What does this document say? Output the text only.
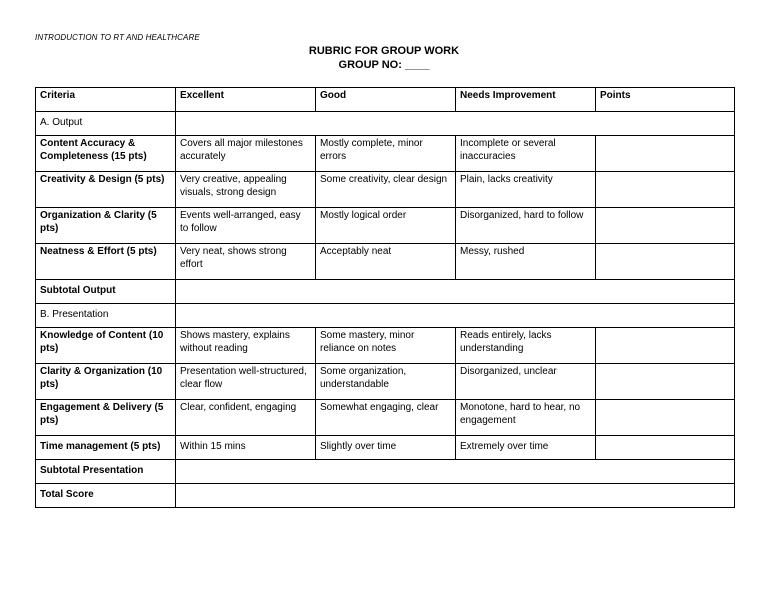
INTRODUCTION TO RT AND HEALTHCARE
RUBRIC FOR GROUP WORK
GROUP NO: ____
Criteria	Excellent	Good	Needs Improvement	Points
A. Output				
Content Accuracy & Completeness (15 pts)	Covers all major milestones accurately	Mostly complete, minor errors	Incomplete or several inaccuracies	
Creativity & Design (5 pts)	Very creative, appealing visuals, strong design	Some creativity, clear design	Plain, lacks creativity	
Organization & Clarity (5 pts)	Events well-arranged, easy to follow	Mostly logical order	Disorganized, hard to follow	
Neatness & Effort (5 pts)	Very neat, shows strong effort	Acceptably neat	Messy, rushed	
Subtotal Output				
B. Presentation				
Knowledge of Content (10 pts)	Shows mastery, explains without reading	Some mastery, minor reliance on notes	Reads entirely, lacks understanding	
Clarity & Organization (10 pts)	Presentation well-structured, clear flow	Some organization, understandable	Disorganized, unclear	
Engagement & Delivery (5 pts)	Clear, confident, engaging	Somewhat engaging, clear	Monotone, hard to hear, no engagement	
Time management (5 pts)	Within 15 mins	Slightly over time	Extremely over time	
Subtotal Presentation				
Total Score				
